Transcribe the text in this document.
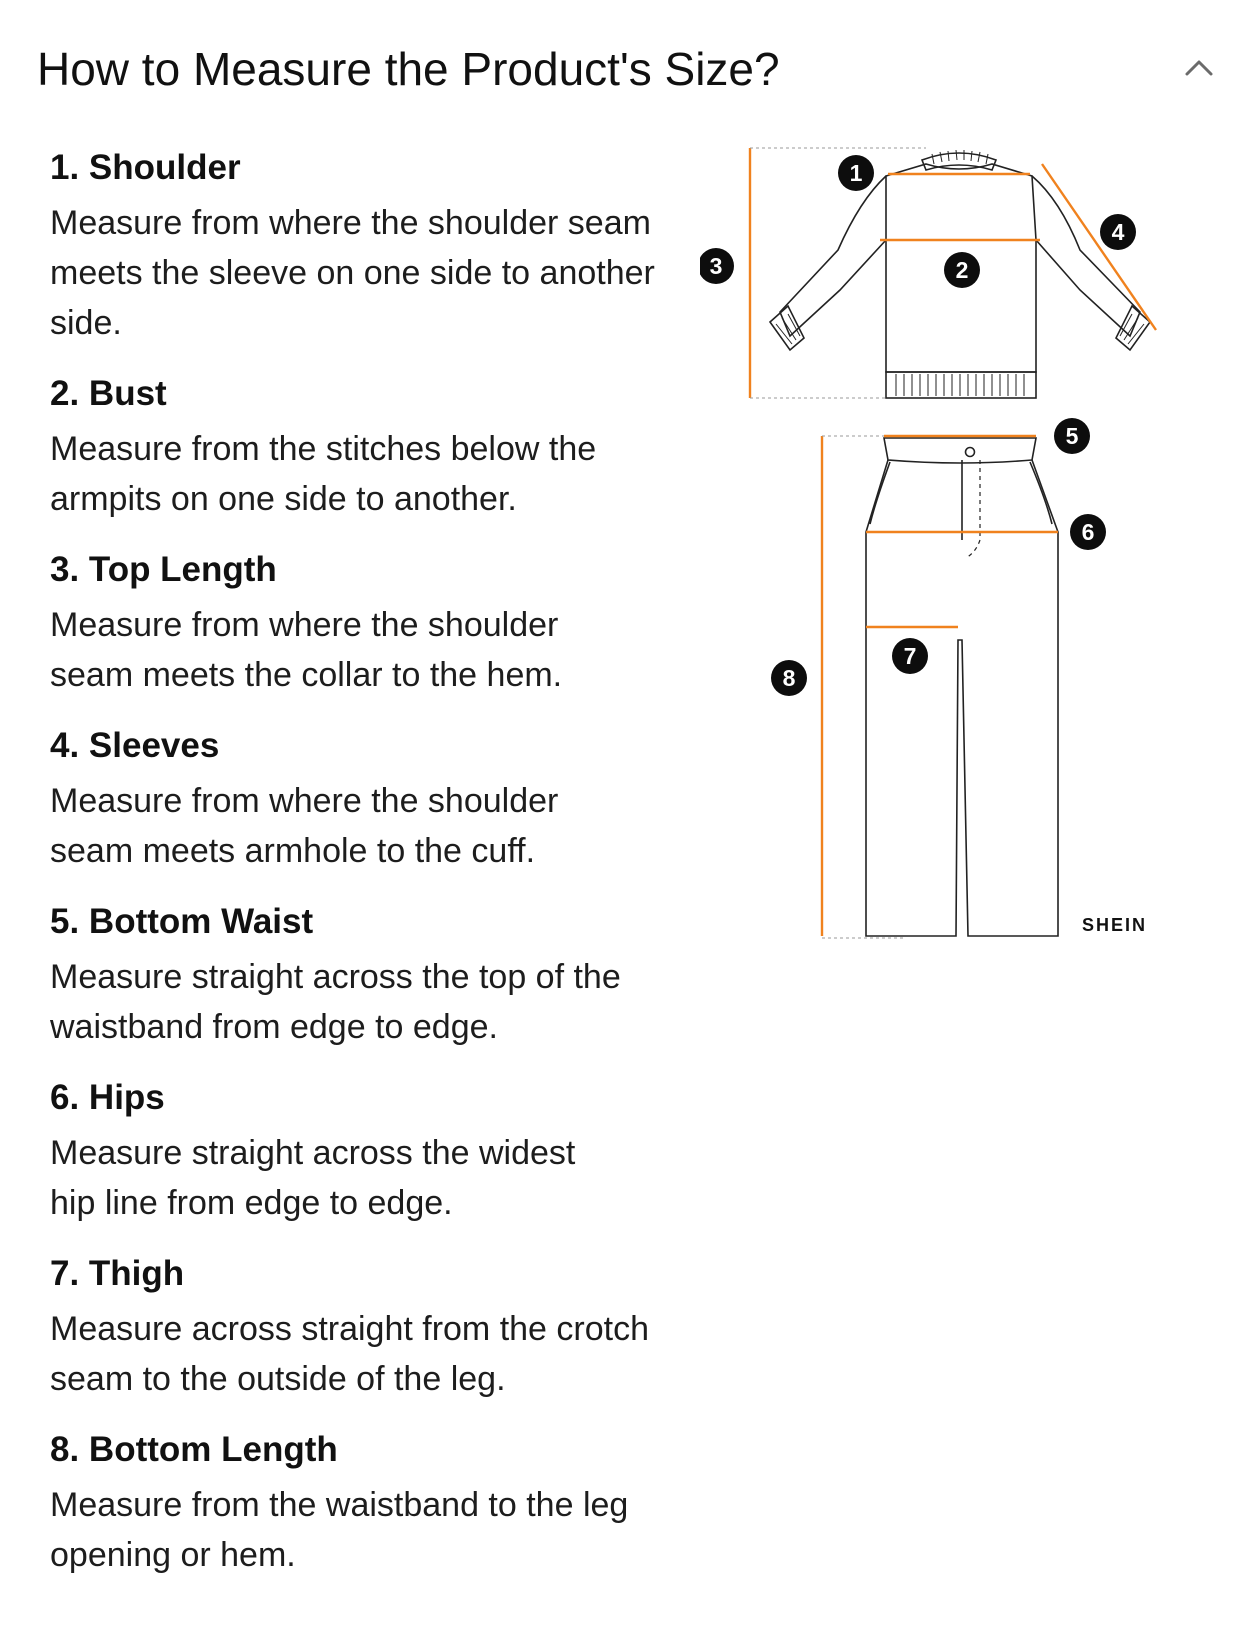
How to Measure the Product's Size?
1. Shoulder
Measure from where the shoulder seam meets the sleeve on one side to another side.
2. Bust
Measure from the stitches below the armpits on one side to another.
3. Top Length
Measure from where the shoulder seam meets the collar to the hem.
4. Sleeves
Measure from where the shoulder seam meets armhole to the cuff.
5. Bottom Waist
Measure straight across the top of the waistband from edge to edge.
6. Hips
Measure straight across the widest hip line from edge to edge.
7. Thigh
Measure across straight from the crotch seam to the outside of the leg.
8. Bottom Length
Measure from the waistband to the leg opening or hem.
1
2
3
4
5
6
7
8
SHEIN
